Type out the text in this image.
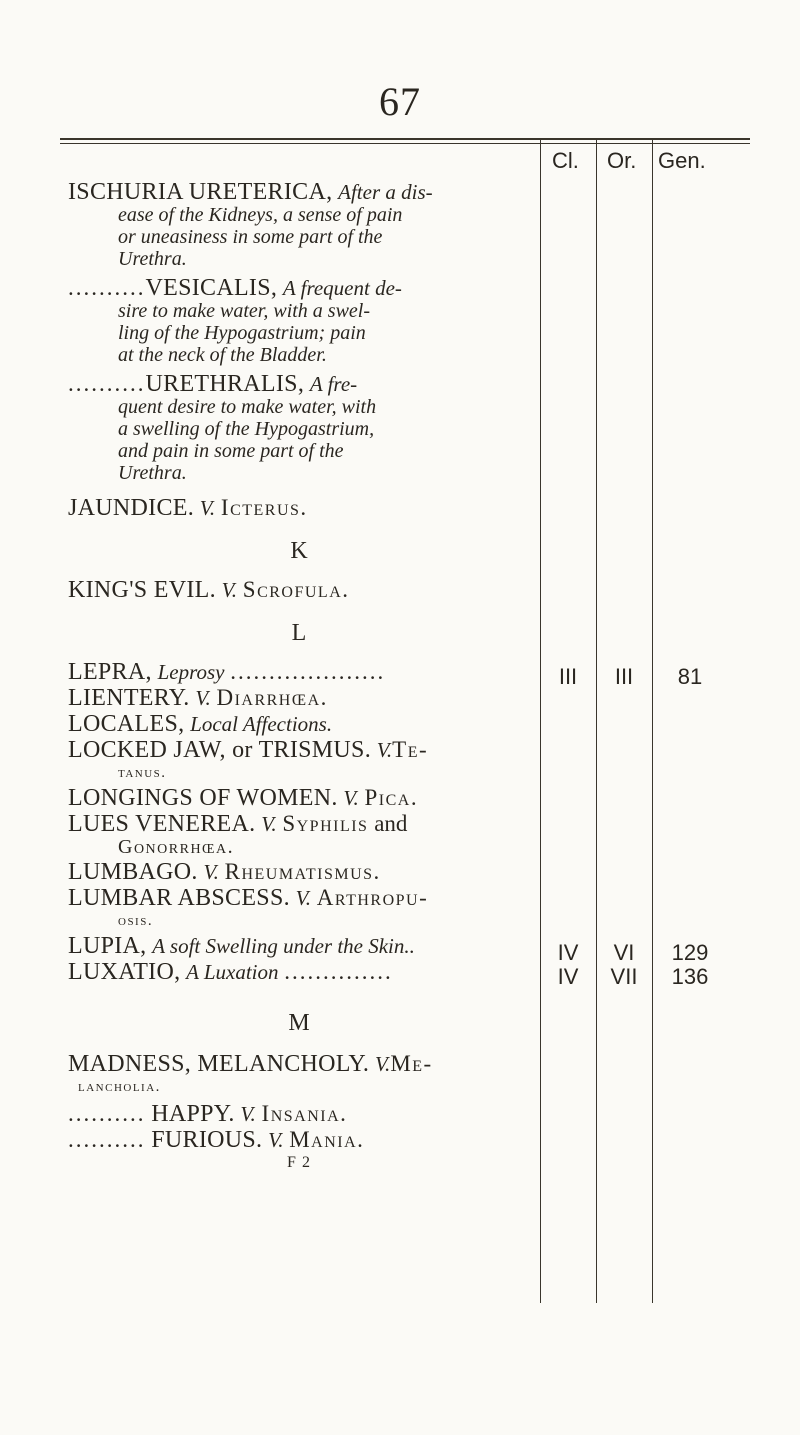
67
Cl. Or. Gen.
ISCHURIA URETERICA, After a dis-
ease of the Kidneys, a sense of pain
or uneasiness in some part of the
Urethra.
..........VESICALIS, A frequent de-
sire to make water, with a swel-
ling of the Hypogastrium; pain
at the neck of the Bladder.
..........URETHRALIS, A fre-
quent desire to make water, with
a swelling of the Hypogastrium,
and pain in some part of the
Urethra.
JAUNDICE. V. Icterus.
K
KING'S EVIL. V. Scrofula.
L
LEPRA, Leprosy ....................	III	III	81
LIENTERY. V. Diarrhœa.
LOCALES, Local Affections.
LOCKED JAW, or TRISMUS. V.Te-
tanus.
LONGINGS OF WOMEN. V. Pica.
LUES VENEREA. V. Syphilis and
Gonorrhœa.
LUMBAGO. V. Rheumatismus.
LUMBAR ABSCESS. V. Arthropu-
osis.
LUPIA, A soft Swelling under the Skin..	IV	VI	129
LUXATIO, A Luxation ..............	IV	VII	136
M
MADNESS, MELANCHOLY. V.Me-
lancholia.
.......... HAPPY. V. Insania.
.......... FURIOUS. V. Mania.
F 2
